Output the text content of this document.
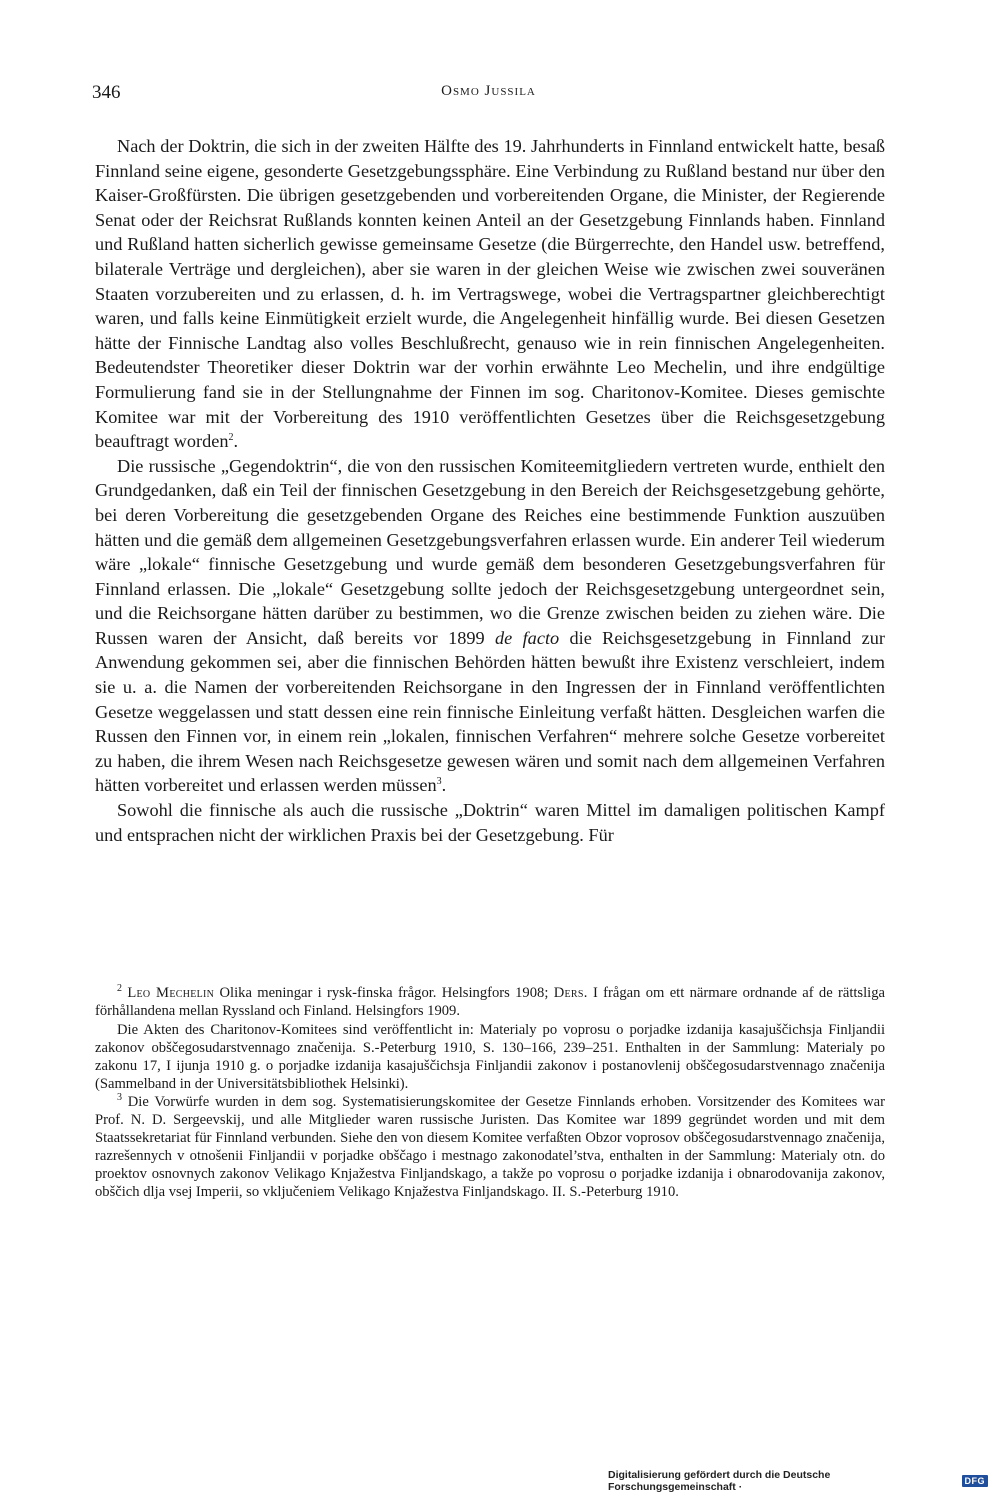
346	Osmo Jussila

Nach der Doktrin, die sich in der zweiten Hälfte des 19. Jahrhunderts in Finnland entwickelt hatte, besaß Finnland seine eigene, gesonderte Gesetzgebungssphäre. Eine Verbindung zu Rußland bestand nur über den Kaiser-Großfürsten. Die übrigen gesetzgebenden und vorbereitenden Organe, die Minister, der Regierende Senat oder der Reichsrat Rußlands konnten keinen Anteil an der Gesetzgebung Finnlands haben. Finnland und Rußland hatten sicherlich gewisse gemeinsame Gesetze (die Bürgerrechte, den Handel usw. betreffend, bilaterale Verträge und dergleichen), aber sie waren in der gleichen Weise wie zwischen zwei souveränen Staaten vorzubereiten und zu erlassen, d. h. im Vertragswege, wobei die Vertragspartner gleichberechtigt waren, und falls keine Einmütigkeit erzielt wurde, die Angelegenheit hinfällig wurde. Bei diesen Gesetzen hätte der Finnische Landtag also volles Beschlußrecht, genauso wie in rein finnischen Angelegenheiten. Bedeutendster Theoretiker dieser Doktrin war der vorhin erwähnte Leo Mechelin, und ihre endgültige Formulierung fand sie in der Stellungnahme der Finnen im sog. Charitonov-Komitee. Dieses gemischte Komitee war mit der Vorbereitung des 1910 veröffentlichten Gesetzes über die Reichsgesetzgebung beauftragt worden$^2$.

Die russische „Gegendoktrin“, die von den russischen Komiteemitgliedern vertreten wurde, enthielt den Grundgedanken, daß ein Teil der finnischen Gesetzgebung in den Bereich der Reichsgesetzgebung gehörte, bei deren Vorbereitung die gesetzgebenden Organe des Reiches eine bestimmende Funktion auszuüben hätten und die gemäß dem allgemeinen Gesetzgebungsverfahren erlassen wurde. Ein anderer Teil wiederum wäre „lokale“ finnische Gesetzgebung und wurde gemäß dem besonderen Gesetzgebungsverfahren für Finnland erlassen. Die „lokale“ Gesetzgebung sollte jedoch der Reichsgesetzgebung untergeordnet sein, und die Reichsorgane hätten darüber zu bestimmen, wo die Grenze zwischen beiden zu ziehen wäre. Die Russen waren der Ansicht, daß bereits vor 1899 de facto die Reichsgesetzgebung in Finnland zur Anwendung gekommen sei, aber die finnischen Behörden hätten bewußt ihre Existenz verschleiert, indem sie u. a. die Namen der vorbereitenden Reichsorgane in den Ingressen der in Finnland veröffentlichten Gesetze weggelassen und statt dessen eine rein finnische Einleitung verfaßt hätten. Desgleichen warfen die Russen den Finnen vor, in einem rein „lokalen, finnischen Verfahren“ mehrere solche Gesetze vorbereitet zu haben, die ihrem Wesen nach Reichsgesetze gewesen wären und somit nach dem allgemeinen Verfahren hätten vorbereitet und erlassen werden müssen$^3$.

Sowohl die finnische als auch die russische „Doktrin“ waren Mittel im damaligen politischen Kampf und entsprachen nicht der wirklichen Praxis bei der Gesetzgebung. Für

$^2$ Leo Mechelin Olika meningar i rysk-finska frågor. Helsingfors 1908; Ders. I frågan om ett närmare ordnande af de rättsliga förhållandena mellan Ryssland och Finland. Helsingfors 1909.

Die Akten des Charitonov-Komitees sind veröffentlicht in: Materialy po voprosu o porjadke izdanija kasajuščichsja Finljandii zakonov obščegosudarstvennago značenija. S.-Peterburg 1910, S. 130–166, 239–251. Enthalten in der Sammlung: Materialy po zakonu 17, I ijunja 1910 g. o porjadke izdanija kasajuščichsja Finljandii zakonov i postanovlenij obščegosudarstvennago značenija (Sammelband in der Universitätsbibliothek Helsinki).

$^3$ Die Vorwürfe wurden in dem sog. Systematisierungskomitee der Gesetze Finnlands erhoben. Vorsitzender des Komitees war Prof. N. D. Sergeevskij, und alle Mitglieder waren russische Juristen. Das Komitee war 1899 gegründet worden und mit dem Staatssekretariat für Finnland verbunden. Siehe den von diesem Komitee verfaßten Obzor voprosov obščegosudarstvennago značenija, razrešennych v otnošenii Finljandii v porjadke obščago i mestnago zakonodatel’stva, enthalten in der Sammlung: Materialy otn. do proektov osnovnych zakonov Velikago Knjažestva Finljandskago, a takže po voprosu o porjadke izdanija i obnarodovanija zakonov, obščich dlja vsej Imperii, so vključeniem Velikago Knjažestva Finljandskago. II. S.-Peterburg 1910.

Digitalisierung gefördert durch die Deutsche Forschungsgemeinschaft ·	DFG
